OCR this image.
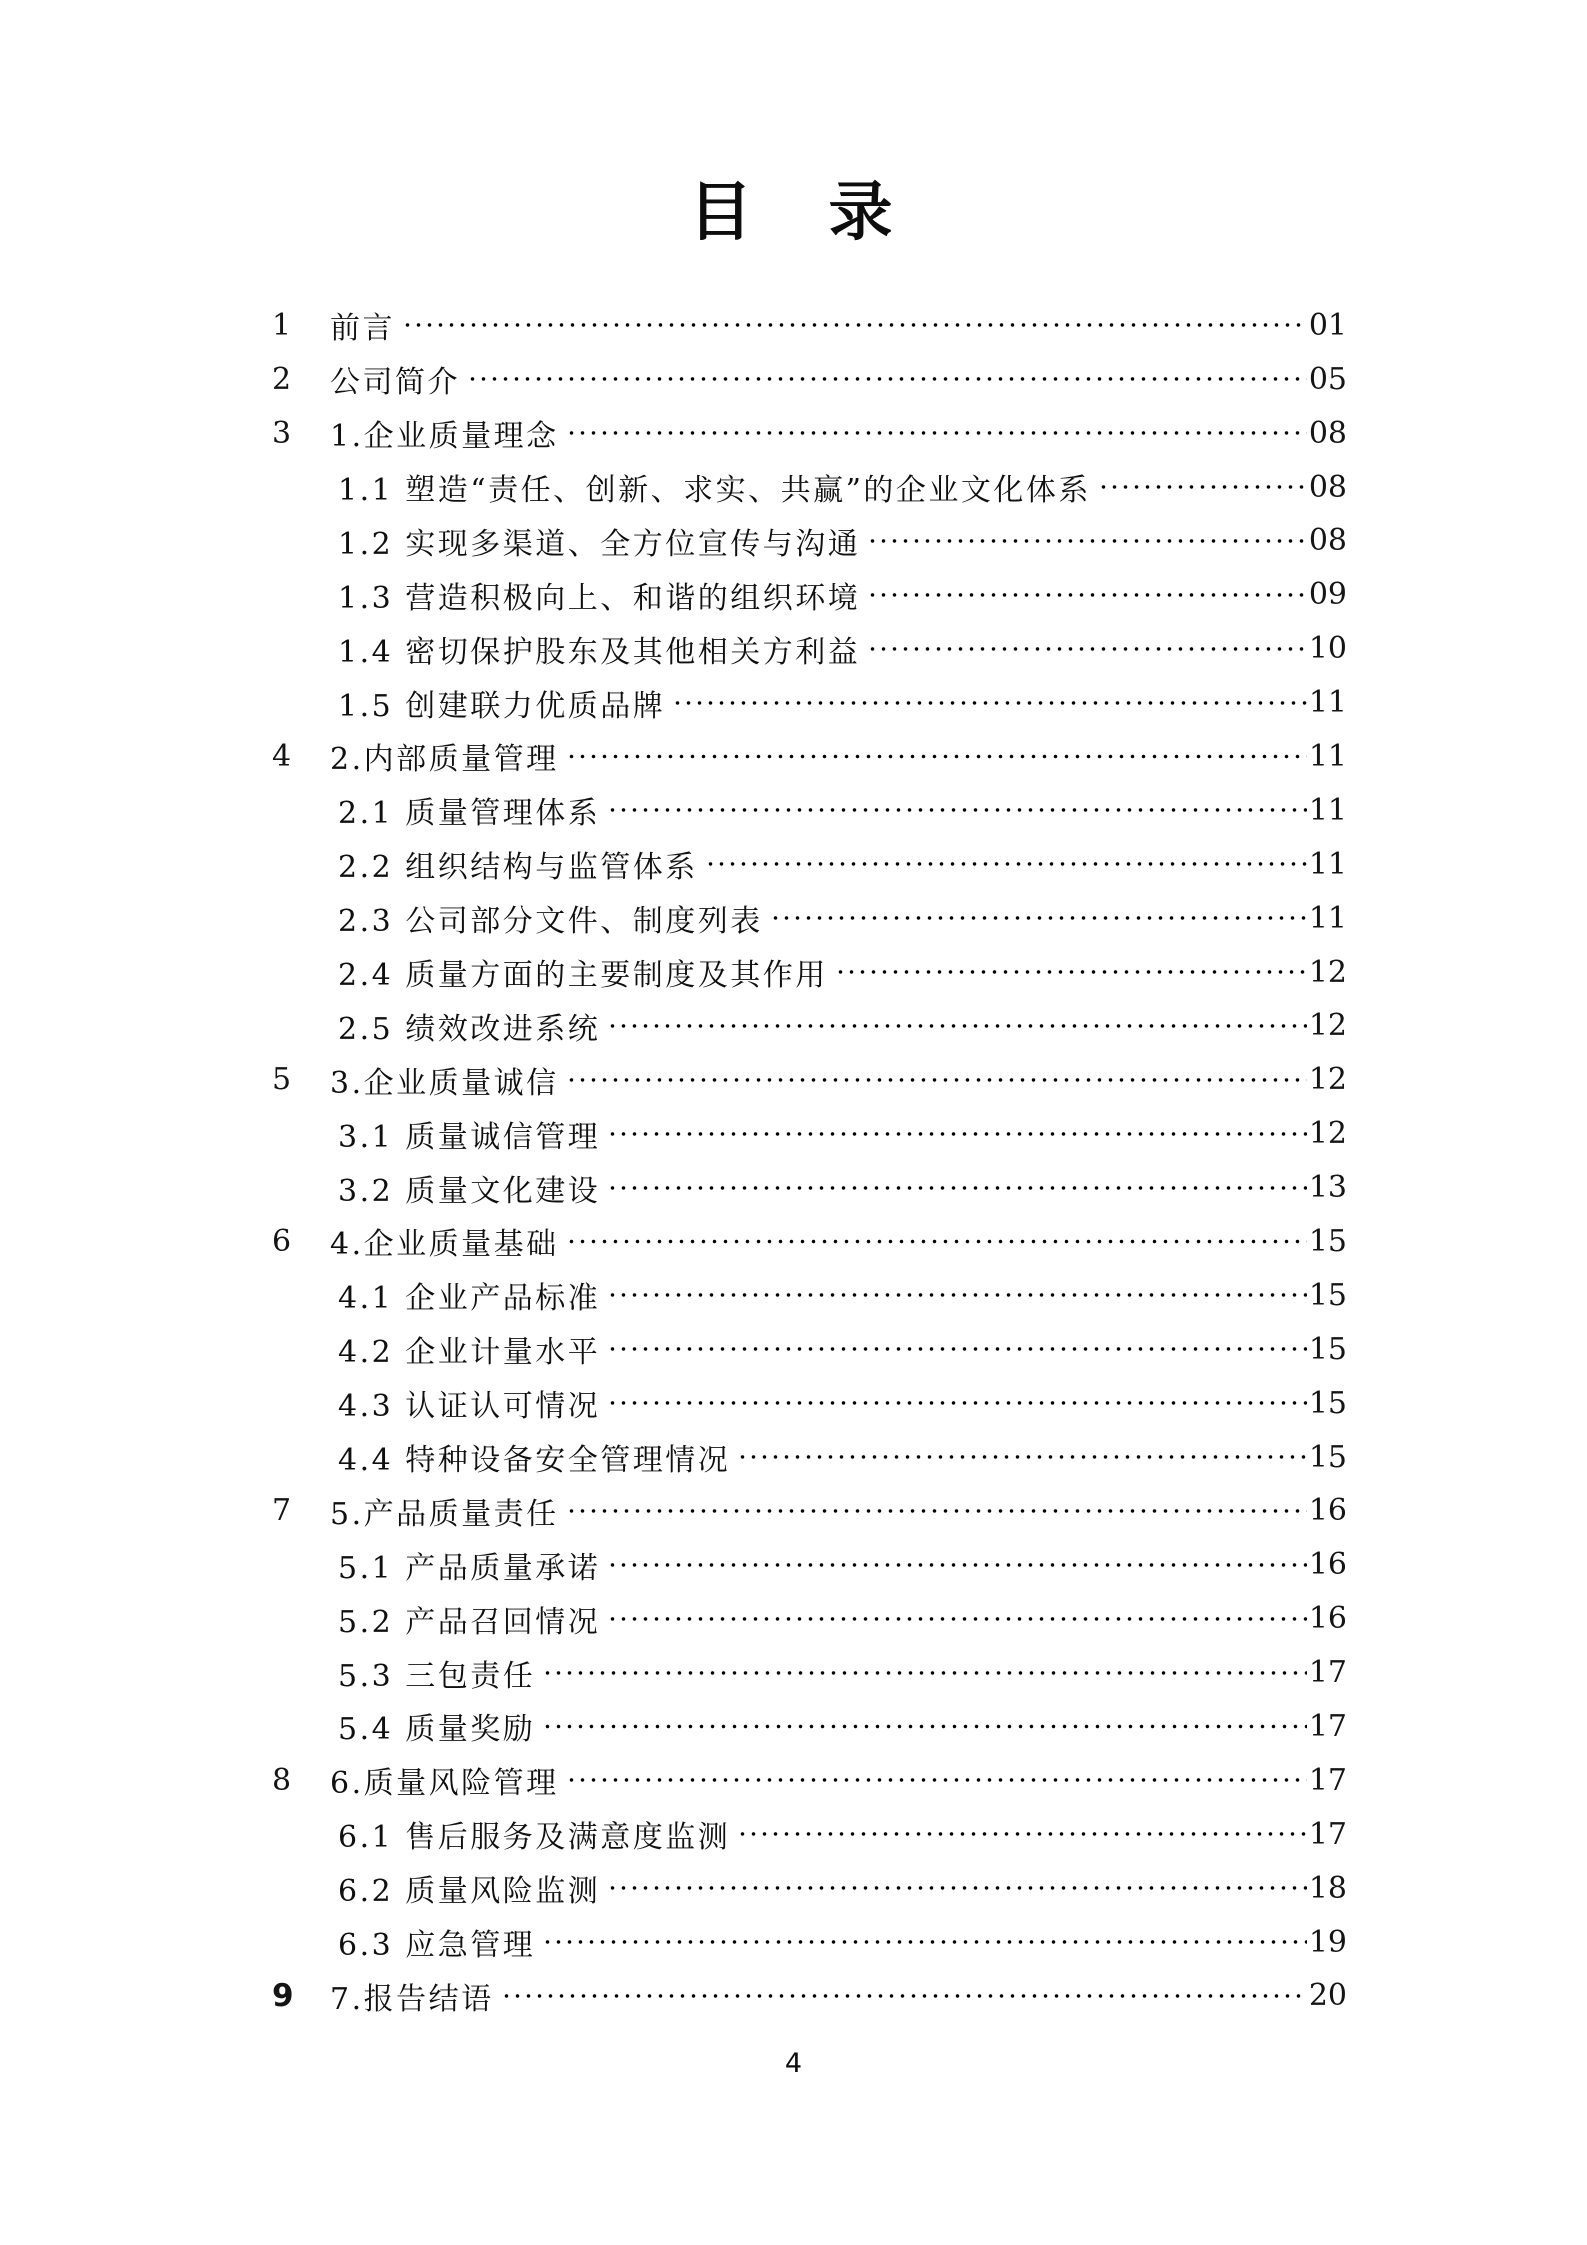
目　录
1	前言	01
2	公司简介	05
3	1.企业质量理念	08
1.1 塑造“责任、创新、求实、共赢”的企业文化体系	08
1.2 实现多渠道、全方位宣传与沟通	08
1.3 营造积极向上、和谐的组织环境	09
1.4 密切保护股东及其他相关方利益	10
1.5 创建联力优质品牌	11
4	2.内部质量管理	11
2.1 质量管理体系	11
2.2 组织结构与监管体系	11
2.3 公司部分文件、制度列表	11
2.4 质量方面的主要制度及其作用	12
2.5 绩效改进系统	12
5	3.企业质量诚信	12
3.1 质量诚信管理	12
3.2 质量文化建设	13
6	4.企业质量基础	15
4.1 企业产品标准	15
4.2 企业计量水平	15
4.3 认证认可情况	15
4.4 特种设备安全管理情况	15
7	5.产品质量责任	16
5.1 产品质量承诺	16
5.2 产品召回情况	16
5.3 三包责任	17
5.4 质量奖励	17
8	6.质量风险管理	17
6.1 售后服务及满意度监测	17
6.2 质量风险监测	18
6.3 应急管理	19
9	7.报告结语	20
4
